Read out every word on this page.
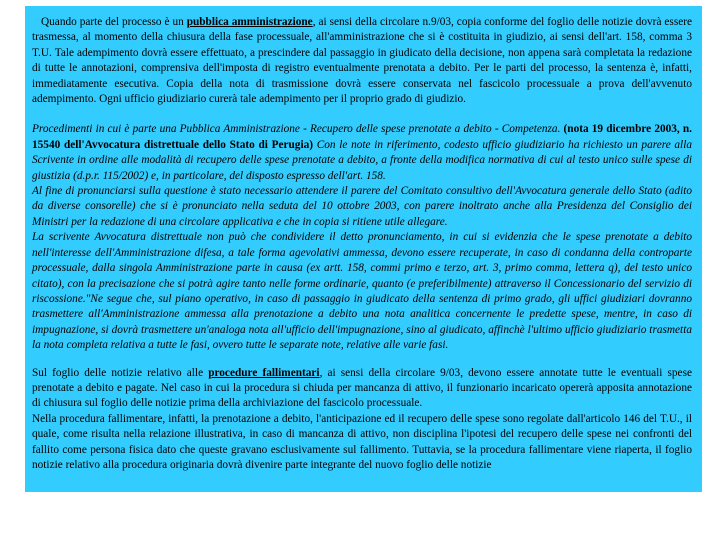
Quando parte del processo è un pubblica amministrazione, ai sensi della circolare n.9/03, copia conforme del foglio delle notizie dovrà essere trasmessa, al momento della chiusura della fase processuale, all'amministrazione che si è costituita in giudizio, ai sensi dell'art. 158, comma 3 T.U. Tale adempimento dovrà essere effettuato, a prescindere dal passaggio in giudicato della decisione, non appena sarà completata la redazione di tutte le annotazioni, comprensiva dell'imposta di registro eventualmente prenotata a debito. Per le parti del processo, la sentenza è, infatti, immediatamente esecutiva. Copia della nota di trasmissione dovrà essere conservata nel fascicolo processuale a prova dell'avvenuto adempimento. Ogni ufficio giudiziario curerà tale adempimento per il proprio grado di giudizio.

Procedimenti in cui è parte una Pubblica Amministrazione - Recupero delle spese prenotate a debito - Competenza. (nota 19 dicembre 2003, n. 15540 dell'Avvocatura distrettuale dello Stato di Perugia) Con le note in riferimento, codesto ufficio giudiziario ha richiesto un parere alla Scrivente in ordine alle modalità di recupero delle spese prenotate a debito, a fronte della modifica normativa di cui al testo unico sulle spese di giustizia (d.p.r. 115/2002) e, in particolare, del disposto espresso dell'art. 158.
Al fine di pronunciarsi sulla questione è stato necessario attendere il parere del Comitato consultivo dell'Avvocatura generale dello Stato (adito da diverse consorelle) che si è pronunciato nella seduta del 10 ottobre 2003, con parere inoltrato anche alla Presidenza del Consiglio dei Ministri per la redazione di una circolare applicativa e che in copia si ritiene utile allegare.
La scrivente Avvocatura distrettuale non può che condividere il detto pronunciamento, in cui si evidenzia che le spese prenotate a debito nell'interesse dell'Amministrazione difesa, a tale forma agevolativi ammessa, devono essere recuperate, in caso di condanna della controparte processuale, dalla singola Amministrazione parte in causa (ex artt. 158, commi primo e terzo, art. 3, primo comma, lettera q), del testo unico citato), con la precisazione che si potrà agire tanto nelle forme ordinarie, quanto (e preferibilmente) attraverso il Concessionario del servizio di riscossione."Ne segue che, sul piano operativo, in caso di passaggio in giudicato della sentenza di primo grado, gli uffici giudiziari dovranno trasmettere all'Amministrazione ammessa alla prenotazione a debito una nota analitica concernente le predette spese, mentre, in caso di impugnazione, si dovrà trasmettere un'analoga nota all'ufficio dell'impugnazione, sino al giudicato, affinchè l'ultimo ufficio giudiziario trasmetta la nota completa relativa a tutte le fasi, ovvero tutte le separate note, relative alle varie fasi.

Sul foglio delle notizie relativo alle procedure fallimentari, ai sensi della circolare 9/03, devono essere annotate tutte le eventuali spese prenotate a debito e pagate. Nel caso in cui la procedura si chiuda per mancanza di attivo, il funzionario incaricato opererà apposita annotazione di chiusura sul foglio delle notizie prima della archiviazione del fascicolo processuale.
Nella procedura fallimentare, infatti, la prenotazione a debito, l'anticipazione ed il recupero delle spese sono regolate dall'articolo 146 del T.U., il quale, come risulta nella relazione illustrativa, in caso di mancanza di attivo, non disciplina l'ipotesi del recupero delle spese nei confronti del fallito come persona fisica dato che queste gravano esclusivamente sul fallimento. Tuttavia, se la procedura fallimentare viene riaperta, il foglio notizie relativo alla procedura originaria dovrà divenire parte integrante del nuovo foglio delle notizie
